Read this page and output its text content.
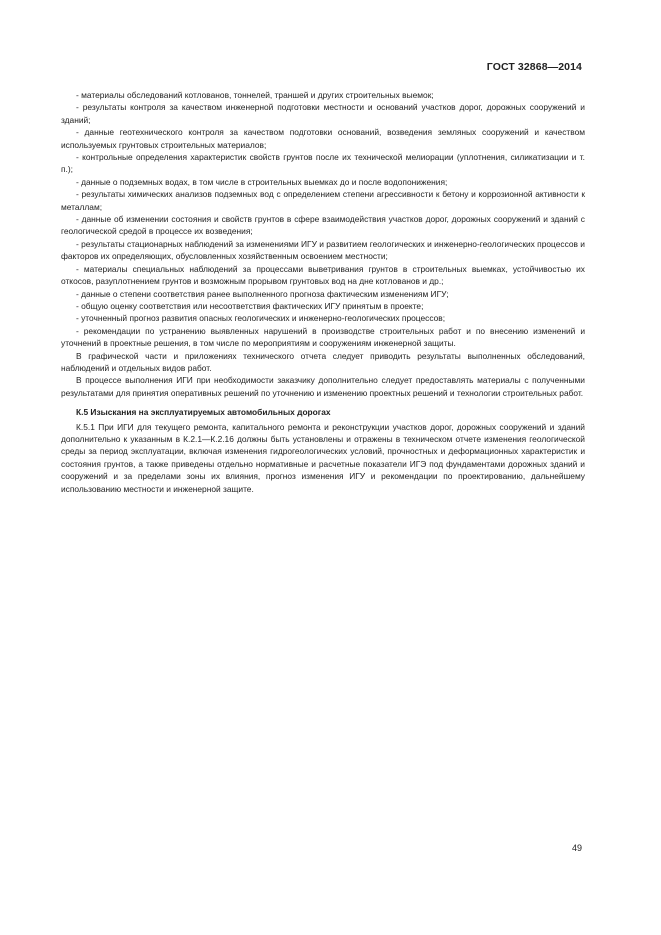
ГОСТ 32868—2014

- материалы обследований котлованов, тоннелей, траншей и других строительных выемок;

- результаты контроля за качеством инженерной подготовки местности и оснований участков дорог, дорожных сооружений и зданий;

- данные геотехнического контроля за качеством подготовки оснований, возведения земляных сооружений и качеством используемых грунтовых строительных материалов;

- контрольные определения характеристик свойств грунтов после их технической мелиорации (уплотнения, силикатизации и т. п.);

- данные о подземных водах, в том числе в строительных выемках до и после водопонижения;

- результаты химических анализов подземных вод с определением степени агрессивности к бетону и коррозионной активности к металлам;

- данные об изменении состояния и свойств грунтов в сфере взаимодействия участков дорог, дорожных сооружений и зданий с геологической средой в процессе их возведения;

- результаты стационарных наблюдений за изменениями ИГУ и развитием геологических и инженерно-геологических процессов и факторов их определяющих, обусловленных хозяйственным освоением местности;

- материалы специальных наблюдений за процессами выветривания грунтов в строительных выемках, устойчивостью их откосов, разуплотнением грунтов и возможным прорывом грунтовых вод на дне котлованов и др.;

- данные о степени соответствия ранее выполненного прогноза фактическим изменениям ИГУ;

- общую оценку соответствия или несоответствия фактических ИГУ принятым в проекте;

- уточненный прогноз развития опасных геологических и инженерно-геологических процессов;

- рекомендации по устранению выявленных нарушений в производстве строительных работ и по внесению изменений и уточнений в проектные решения, в том числе по мероприятиям и сооружениям инженерной защиты.

В графической части и приложениях технического отчета следует приводить результаты выполненных обследований, наблюдений и отдельных видов работ.

В процессе выполнения ИГИ при необходимости заказчику дополнительно следует предоставлять материалы с полученными результатами для принятия оперативных решений по уточнению и изменению проектных решений и технологии строительных работ.

К.5 Изыскания на эксплуатируемых автомобильных дорогах

К.5.1 При ИГИ для текущего ремонта, капитального ремонта и реконструкции участков дорог, дорожных сооружений и зданий дополнительно к указанным в К.2.1—К.2.16 должны быть установлены и отражены в техническом отчете изменения геологической среды за период эксплуатации, включая изменения гидрогеологических условий, прочностных и деформационных характеристик и состояния грунтов, а также приведены отдельно нормативные и расчетные показатели ИГЭ под фундаментами дорожных зданий и сооружений и за пределами зоны их влияния, прогноз изменения ИГУ и рекомендации по проектированию, дальнейшему использованию местности и инженерной защите.

49
